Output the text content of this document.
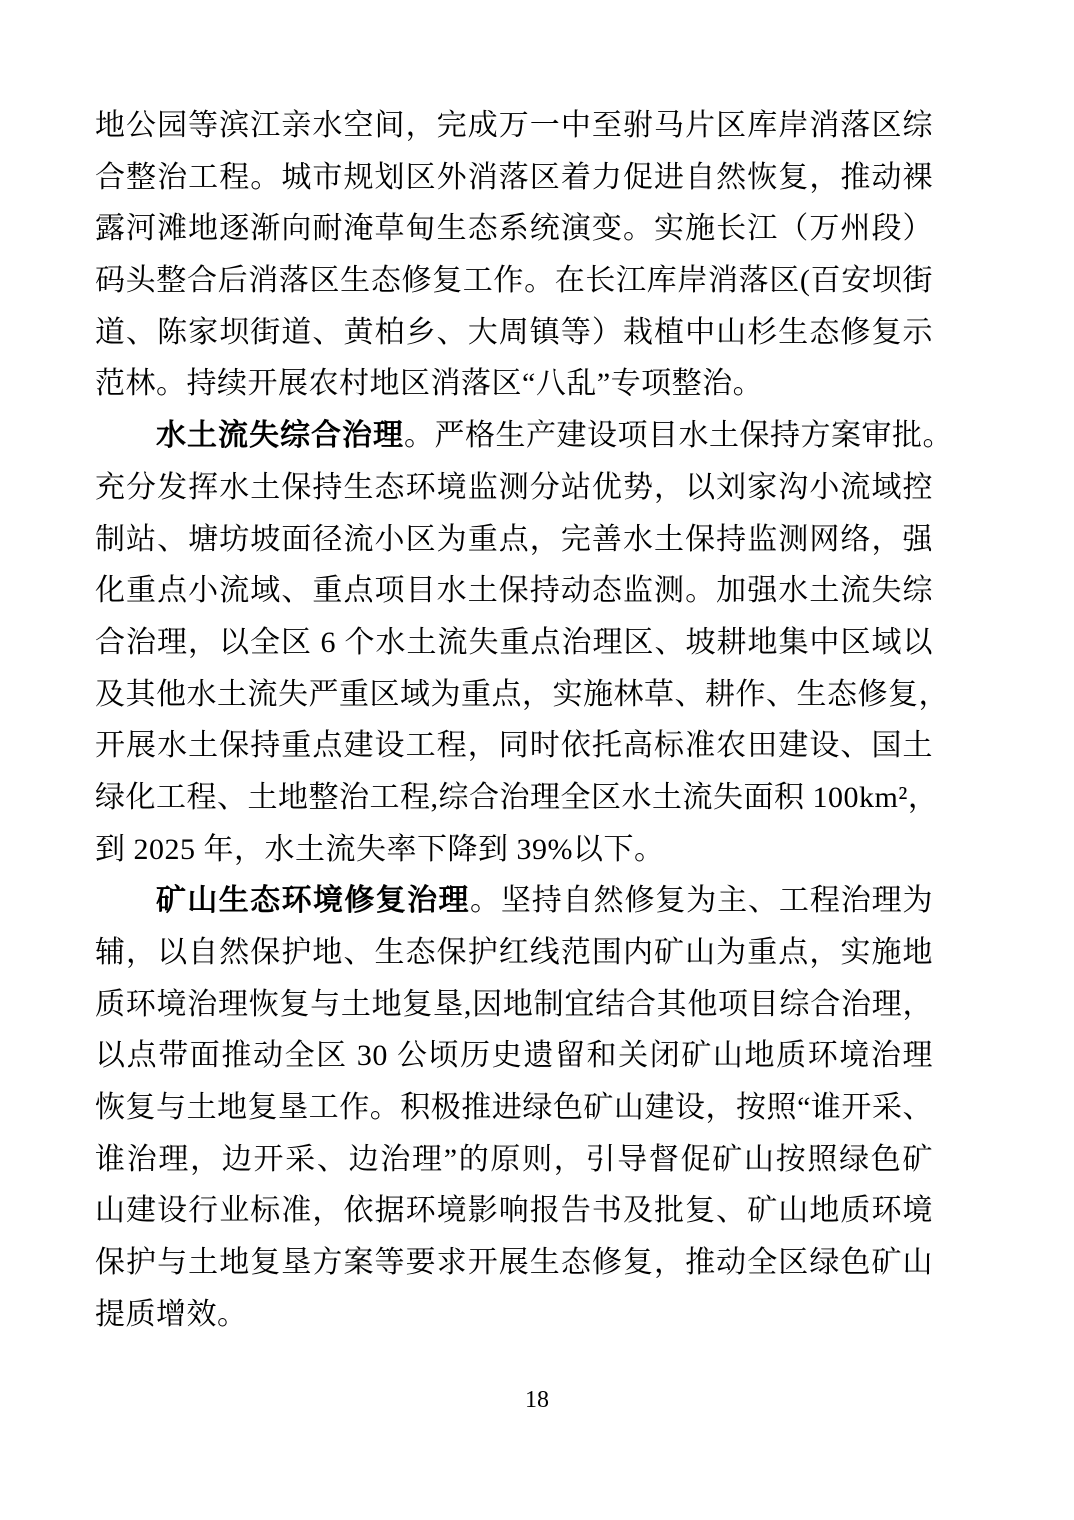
地公园等滨江亲水空间，完成万一中至驸马片区库岸消落区综
合整治工程。城市规划区外消落区着力促进自然恢复，推动裸
露河滩地逐渐向耐淹草甸生态系统演变。实施长江（万州段）
码头整合后消落区生态修复工作。在长江库岸消落区(百安坝街
道、陈家坝街道、黄柏乡、大周镇等）栽植中山杉生态修复示
范林。持续开展农村地区消落区“八乱”专项整治。
水土流失综合治理。严格生产建设项目水土保持方案审批。
充分发挥水土保持生态环境监测分站优势，以刘家沟小流域控
制站、塘坊坡面径流小区为重点，完善水土保持监测网络，强
化重点小流域、重点项目水土保持动态监测。加强水土流失综
合治理，以全区 6 个水土流失重点治理区、坡耕地集中区域以
及其他水土流失严重区域为重点，实施林草、耕作、生态修复，
开展水土保持重点建设工程，同时依托高标准农田建设、国土
绿化工程、土地整治工程,综合治理全区水土流失面积 100km²，
到 2025 年，水土流失率下降到 39%以下。
矿山生态环境修复治理。坚持自然修复为主、工程治理为
辅，以自然保护地、生态保护红线范围内矿山为重点，实施地
质环境治理恢复与土地复垦,因地制宜结合其他项目综合治理，
以点带面推动全区 30 公顷历史遗留和关闭矿山地质环境治理
恢复与土地复垦工作。积极推进绿色矿山建设，按照“谁开采、
谁治理，边开采、边治理”的原则，引导督促矿山按照绿色矿
山建设行业标准，依据环境影响报告书及批复、矿山地质环境
保护与土地复垦方案等要求开展生态修复，推动全区绿色矿山
提质增效。
18
